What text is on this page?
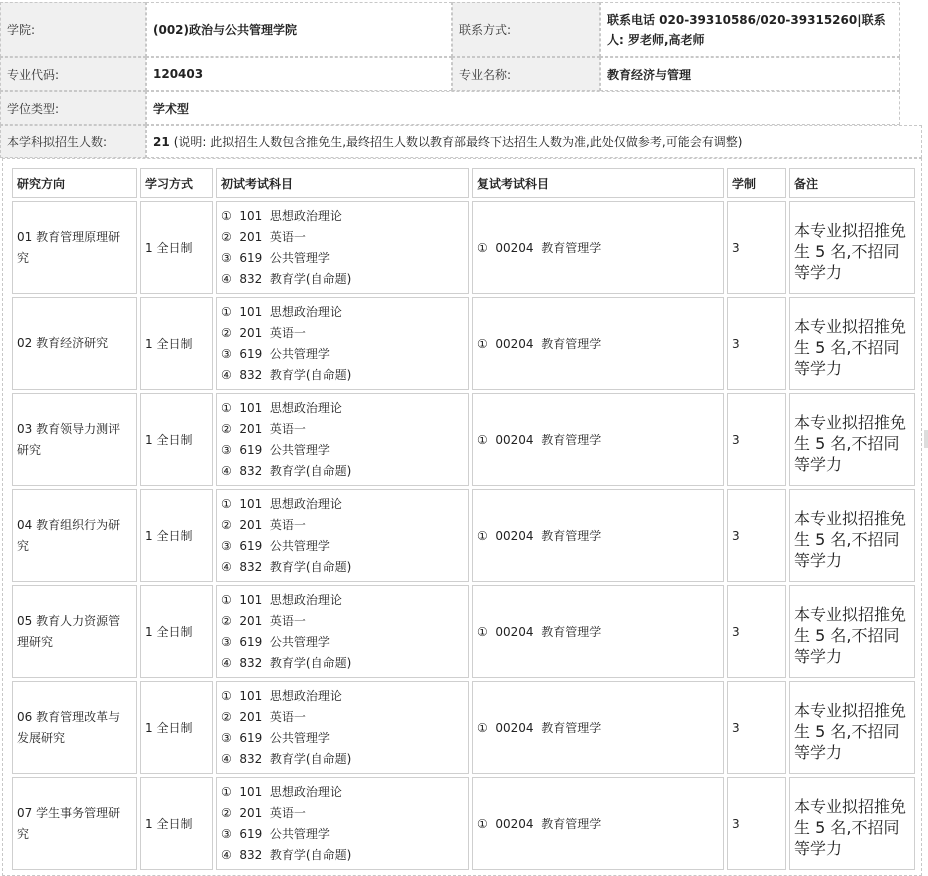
学院:	(002)政治与公共管理学院	联系方式:
联系电话 020-39310586/020-39315260|联系人: 罗老师,高老师
专业代码:	120403	专业名称:	教育经济与管理
学位类型:	学术型
本学科拟招生人数:	21 (说明: 此拟招生人数包含推免生,最终招生人数以教育部最终下达招生人数为准,此处仅做参考,可能会有调整)
研究方向	学习方式	初试考试科目	复试考试科目	学制	备注

01 教育管理原理研究	1 全日制	①  101  思想政治理论
②  201  英语一
③  619  公共管理学
④  832  教育学(自命题)	①  00204  教育管理学	3	本专业拟招推免生 5 名,不招同等学力

02 教育经济研究	1 全日制	①  101  思想政治理论
②  201  英语一
③  619  公共管理学
④  832  教育学(自命题)	①  00204  教育管理学	3	本专业拟招推免生 5 名,不招同等学力

03 教育领导力测评研究	1 全日制	①  101  思想政治理论
②  201  英语一
③  619  公共管理学
④  832  教育学(自命题)	①  00204  教育管理学	3	本专业拟招推免生 5 名,不招同等学力

04 教育组织行为研究	1 全日制	①  101  思想政治理论
②  201  英语一
③  619  公共管理学
④  832  教育学(自命题)	①  00204  教育管理学	3	本专业拟招推免生 5 名,不招同等学力

05 教育人力资源管理研究	1 全日制	①  101  思想政治理论
②  201  英语一
③  619  公共管理学
④  832  教育学(自命题)	①  00204  教育管理学	3	本专业拟招推免生 5 名,不招同等学力

06 教育管理改革与发展研究	1 全日制	①  101  思想政治理论
②  201  英语一
③  619  公共管理学
④  832  教育学(自命题)	①  00204  教育管理学	3	本专业拟招推免生 5 名,不招同等学力

07 学生事务管理研究	1 全日制	①  101  思想政治理论
②  201  英语一
③  619  公共管理学
④  832  教育学(自命题)	①  00204  教育管理学	3	本专业拟招推免生 5 名,不招同等学力
